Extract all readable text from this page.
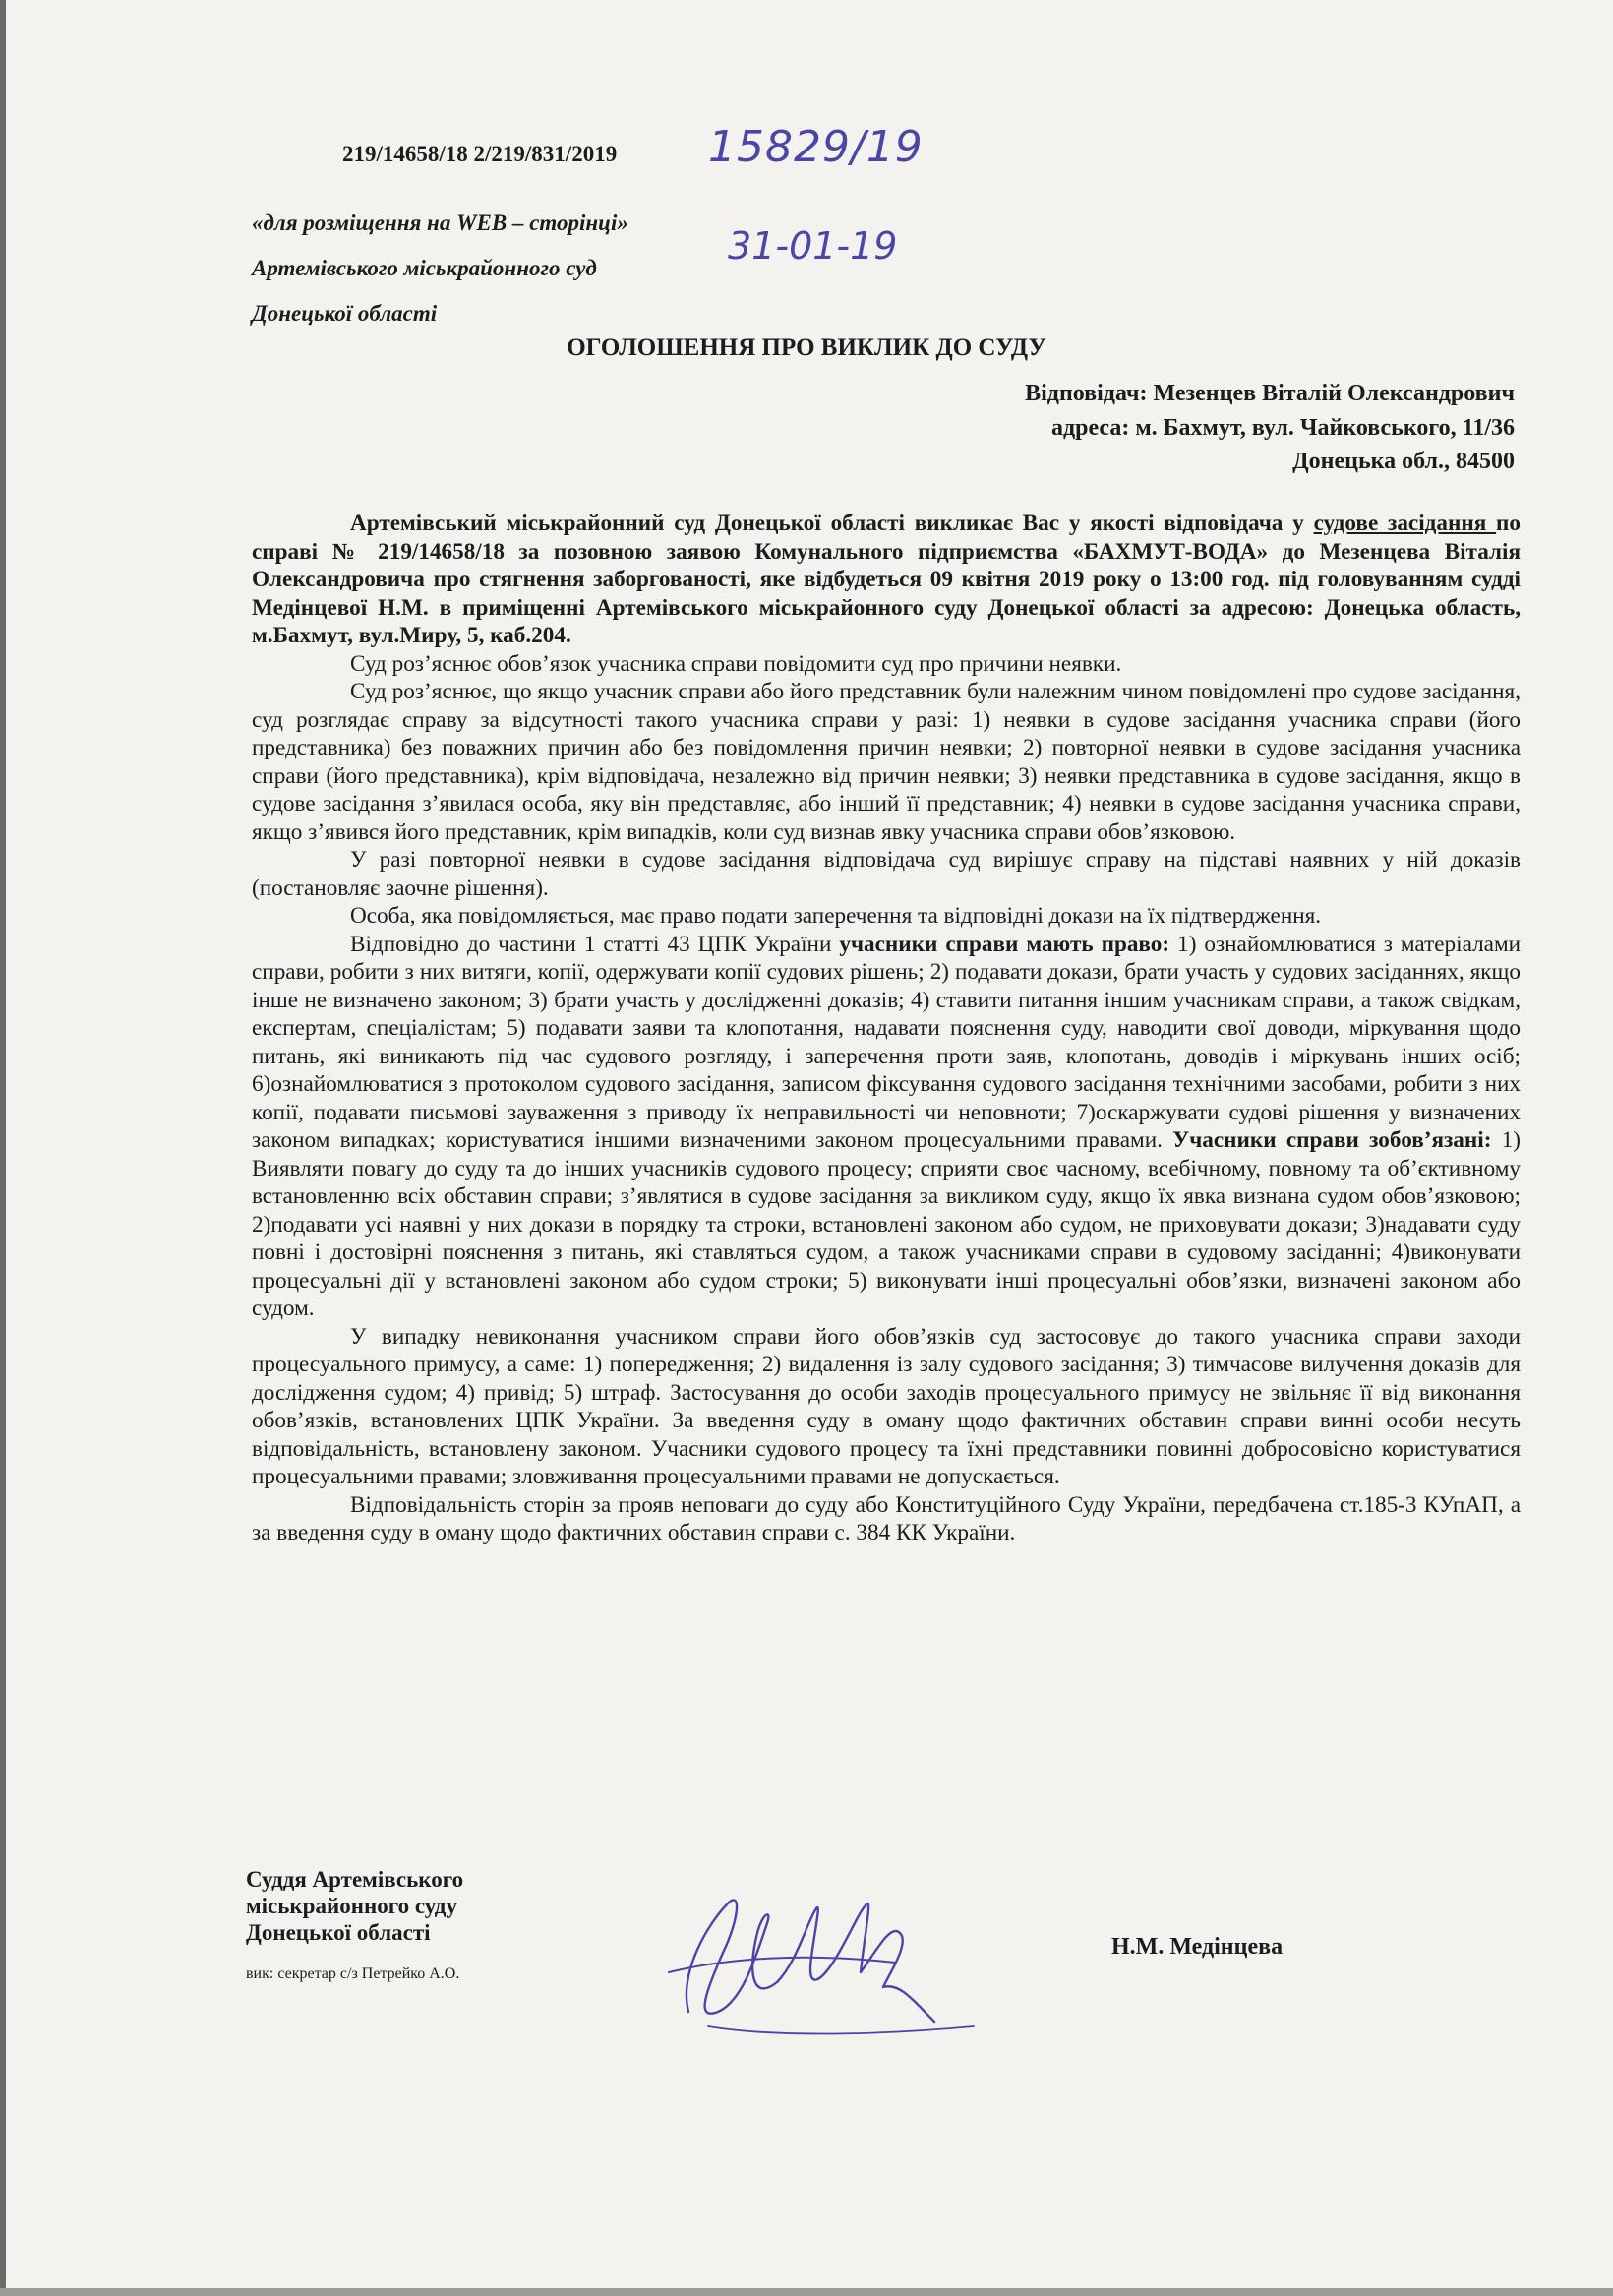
219/14658/18 2/219/831/2019 15829/19
31-01-19
«для розміщення на WEB – сторінці»
Артемівського міськрайонного суд
Донецької області
ОГОЛОШЕННЯ ПРО ВИКЛИК ДО СУДУ
Відповідач: Мезенцев Віталій Олександрович
адреса: м. Бахмут, вул. Чайковського, 11/36
Донецька обл., 84500

Артемівський міськрайонний суд Донецької області викликає Вас у якості відповідача у судове засідання по справі № 219/14658/18 за позовною заявою Комунального підприємства «БАХМУТ-ВОДА» до Мезенцева Віталія Олександровича про стягнення заборгованості, яке відбудеться 09 квітня 2019 року о 13:00 год. під головуванням судді Медінцевої Н.М. в приміщенні Артемівського міськрайонного суду Донецької області за адресою: Донецька область, м.Бахмут, вул.Миру, 5, каб.204.

Суд роз’яснює обов’язок учасника справи повідомити суд про причини неявки.

Суд роз’яснює, що якщо учасник справи або його представник були належним чином повідомлені про судове засідання, суд розглядає справу за відсутності такого учасника справи у разі: 1) неявки в судове засідання учасника справи (його представника) без поважних причин або без повідомлення причин неявки; 2) повторної неявки в судове засідання учасника справи (його представника), крім відповідача, незалежно від причин неявки; 3) неявки представника в судове засідання, якщо в судове засідання з’явилася особа, яку він представляє, або інший її представник; 4) неявки в судове засідання учасника справи, якщо з’явився його представник, крім випадків, коли суд визнав явку учасника справи обов’язковою.

У разі повторної неявки в судове засідання відповідача суд вирішує справу на підставі наявних у ній доказів (постановляє заочне рішення).

Особа, яка повідомляється, має право подати заперечення та відповідні докази на їх підтвердження.

Відповідно до частини 1 статті 43 ЦПК України учасники справи мають право: 1) ознайомлюватися з матеріалами справи, робити з них витяги, копії, одержувати копії судових рішень; 2) подавати докази, брати участь у судових засіданнях, якщо інше не визначено законом; 3) брати участь у дослідженні доказів; 4) ставити питання іншим учасникам справи, а також свідкам, експертам, спеціалістам; 5) подавати заяви та клопотання, надавати пояснення суду, наводити свої доводи, міркування щодо питань, які виникають під час судового розгляду, і заперечення проти заяв, клопотань, доводів і міркувань інших осіб; 6)ознайомлюватися з протоколом судового засідання, записом фіксування судового засідання технічними засобами, робити з них копії, подавати письмові зауваження з приводу їх неправильності чи неповноти; 7)оскаржувати судові рішення у визначених законом випадках; користуватися іншими визначеними законом процесуальними правами. Учасники справи зобов’язані: 1) Виявляти повагу до суду та до інших учасників судового процесу; сприяти своє часному, всебічному, повному та об’єктивному встановленню всіх обставин справи; з’являтися в судове засідання за викликом суду, якщо їх явка визнана судом обов’язковою; 2)подавати усі наявні у них докази в порядку та строки, встановлені законом або судом, не приховувати докази; 3)надавати суду повні і достовірні пояснення з питань, які ставляться судом, а також учасниками справи в судовому засіданні; 4)виконувати процесуальні дії у встановлені законом або судом строки; 5) виконувати інші процесуальні обов’язки, визначені законом або судом.

У випадку невиконання учасником справи його обов’язків суд застосовує до такого учасника справи заходи процесуального примусу, а саме: 1) попередження; 2) видалення із залу судового засідання; 3) тимчасове вилучення доказів для дослідження судом; 4) привід; 5) штраф. Застосування до особи заходів процесуального примусу не звільняє її від виконання обов’язків, встановлених ЦПК України. За введення суду в оману щодо фактичних обставин справи винні особи несуть відповідальність, встановлену законом. Учасники судового процесу та їхні представники повинні добросовісно користуватися процесуальними правами; зловживання процесуальними правами не допускається.

Відповідальність сторін за прояв неповаги до суду або Конституційного Суду України, передбачена ст.185-3 КУпАП, а за введення суду в оману щодо фактичних обставин справи с. 384 КК України.

Суддя Артемівського
міськрайонного суду
Донецької області
вик: секретар с/з Петрейко А.О.
Н.М. Медінцева
